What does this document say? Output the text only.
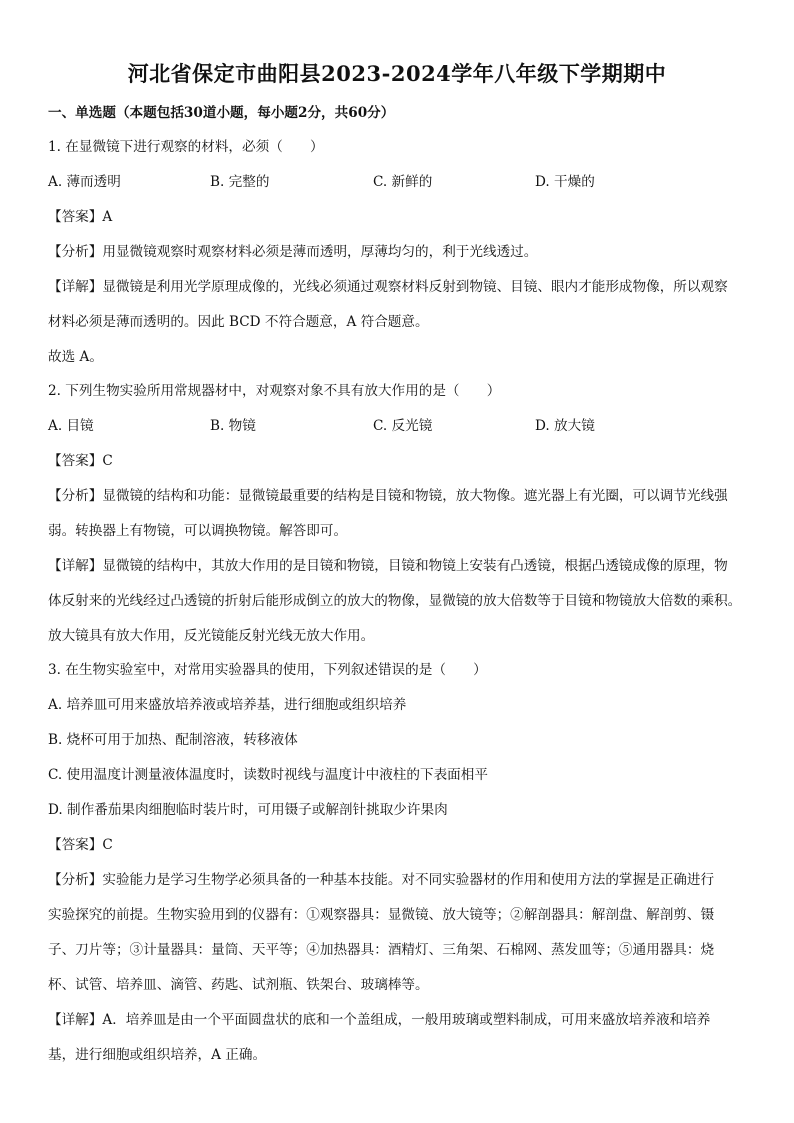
河北省保定市曲阳县2023-2024学年八年级下学期期中
一、单选题（本题包括30道小题，每小题2分，共60分）
1. 在显微镜下进行观察的材料，必须（　　）
A. 薄而透明	B. 完整的	C. 新鲜的	D. 干燥的
【答案】A
【分析】用显微镜观察时观察材料必须是薄而透明，厚薄均匀的，利于光线透过。
【详解】显微镜是利用光学原理成像的，光线必须通过观察材料反射到物镜、目镜、眼内才能形成物像，所以观察
材料必须是薄而透明的。因此 BCD 不符合题意，A 符合题意。
故选 A。
2. 下列生物实验所用常规器材中，对观察对象不具有放大作用的是（　　）
A. 目镜	B. 物镜	C. 反光镜	D. 放大镜
【答案】C
【分析】显微镜的结构和功能：显微镜最重要的结构是目镜和物镜，放大物像。遮光器上有光圈，可以调节光线强
弱。转换器上有物镜，可以调换物镜。解答即可。
【详解】显微镜的结构中，其放大作用的是目镜和物镜，目镜和物镜上安装有凸透镜，根据凸透镜成像的原理，物
体反射来的光线经过凸透镜的折射后能形成倒立的放大的物像，显微镜的放大倍数等于目镜和物镜放大倍数的乘积。
放大镜具有放大作用，反光镜能反射光线无放大作用。
3. 在生物实验室中，对常用实验器具的使用，下列叙述错误的是（　　）
A. 培养皿可用来盛放培养液或培养基，进行细胞或组织培养
B. 烧杯可用于加热、配制溶液，转移液体
C. 使用温度计测量液体温度时，读数时视线与温度计中液柱的下表面相平
D. 制作番茄果肉细胞临时装片时，可用镊子或解剖针挑取少许果肉
【答案】C
【分析】实验能力是学习生物学必须具备的一种基本技能。对不同实验器材的作用和使用方法的掌握是正确进行
实验探究的前提。生物实验用到的仪器有：①观察器具：显微镜、放大镜等；②解剖器具：解剖盘、解剖剪、镊
子、刀片等；③计量器具：量筒、天平等；④加热器具：酒精灯、三角架、石棉网、蒸发皿等；⑤通用器具：烧
杯、试管、培养皿、滴管、药匙、试剂瓶、铁架台、玻璃棒等。
【详解】A．培养皿是由一个平面圆盘状的底和一个盖组成，一般用玻璃或塑料制成，可用来盛放培养液和培养
基，进行细胞或组织培养，A 正确。
